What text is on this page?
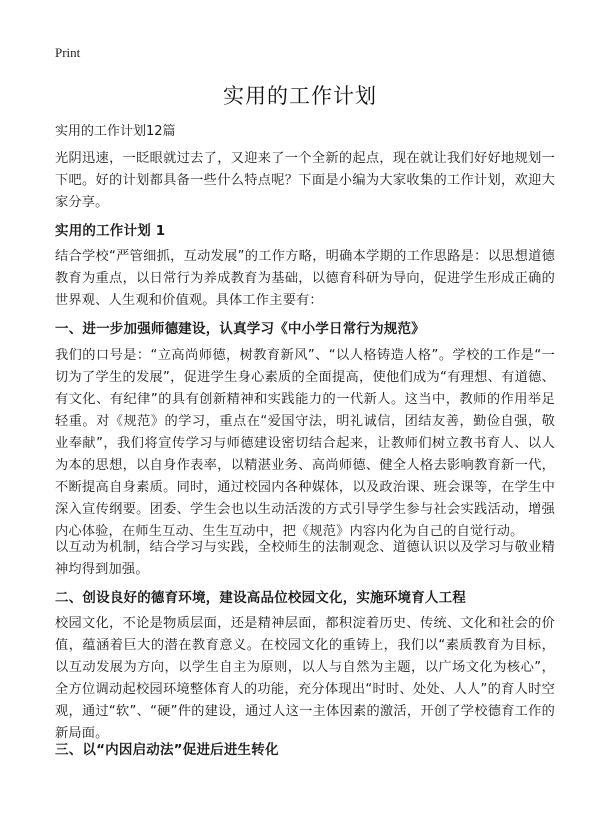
Print
实用的工作计划
实用的工作计划12篇
光阴迅速，一眨眼就过去了，又迎来了一个全新的起点，现在就让我们好好地规划一下吧。好的计划都具备一些什么特点呢？下面是小编为大家收集的工作计划，欢迎大家分享。
实用的工作计划 1
结合学校“严管细抓，互动发展”的工作方略，明确本学期的工作思路是：以思想道德教育为重点，以日常行为养成教育为基础，以德育科研为导向，促进学生形成正确的世界观、人生观和价值观。具体工作主要有：
一、进一步加强师德建设，认真学习《中小学日常行为规范》
我们的口号是：“立高尚师德，树教育新风”、“以人格铸造人格”。学校的工作是“一切为了学生的发展”，促进学生身心素质的全面提高，使他们成为“有理想、有道德、有文化、有纪律”的具有创新精神和实践能力的一代新人。这当中，教师的作用举足轻重。对《规范》的学习，重点在“爱国守法，明礼诚信，团结友善，勤俭自强，敬业奉献”，我们将宣传学习与师德建设密切结合起来，让教师们树立教书育人、以人为本的思想，以自身作表率，以精湛业务、高尚师德、健全人格去影响教育新一代，不断提高自身素质。同时，通过校园内各种媒体，以及政治课、班会课等，在学生中深入宣传纲要。团委、学生会也以生动活泼的方式引导学生参与社会实践活动，增强内心体验，在师生互动、生生互动中，把《规范》内容内化为自己的自觉行动。
以互动为机制，结合学习与实践，全校师生的法制观念、道德认识以及学习与敬业精神均得到加强。
二、创设良好的德育环境，建设高品位校园文化，实施环境育人工程
校园文化，不论是物质层面，还是精神层面，都积淀着历史、传统、文化和社会的价值，蕴涵着巨大的潜在教育意义。在校园文化的重铸上，我们以“素质教育为目标，以互动发展为方向，以学生自主为原则，以人与自然为主题，以广场文化为核心”，全方位调动起校园环境整体育人的功能，充分体现出“时时、处处、人人”的育人时空观，通过“软”、“硬”件的建设，通过人这一主体因素的激活，开创了学校德育工作的新局面。
三、以“内因启动法”促进后进生转化
